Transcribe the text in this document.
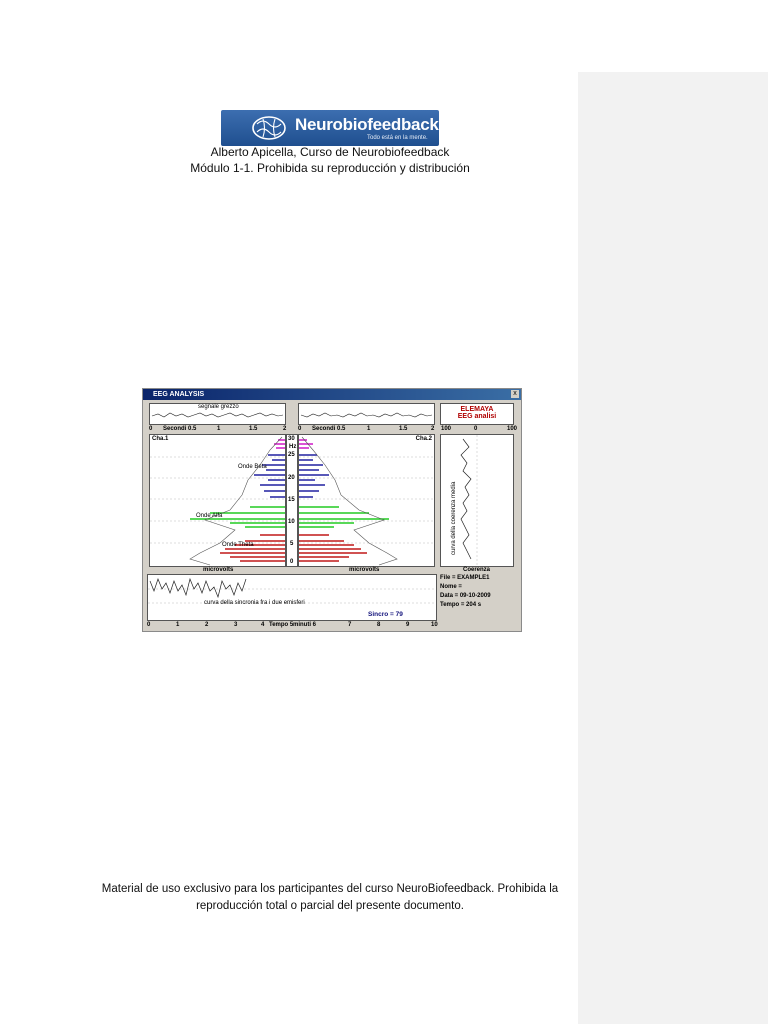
Neurobiofeedback
Todo está en la mente.
Alberto Apicella, Curso de Neurobiofeedback
Módulo 1-1. Prohibida su reproducción y distribución
EEG ANALYSIS	x
segnale grezzo
0 Secondi 0.5	1	1.5	2 0 Secondi 0.5	1	1.5	2
ELEMAYA
EEG analisi
100	0	100
Onde Beta
Onde Alfa
Onde Theta
Cha.1	30
Hz
25
20
15
10
5
0
Cha.2
microvolts	microvolts
curva della coerenza media
Coerenza
curva della sincronia fra i due emisferi
Sincro = 79
File = EXAMPLE1
Nome =
Data = 09-10-2009
Tempo = 204 s
0	1	2	3	4 Tempo 5 minuti 6	7	8	9	10
Material de uso exclusivo para los participantes del curso NeuroBiofeedback. Prohibida la
reproducción total o parcial del presente documento.
